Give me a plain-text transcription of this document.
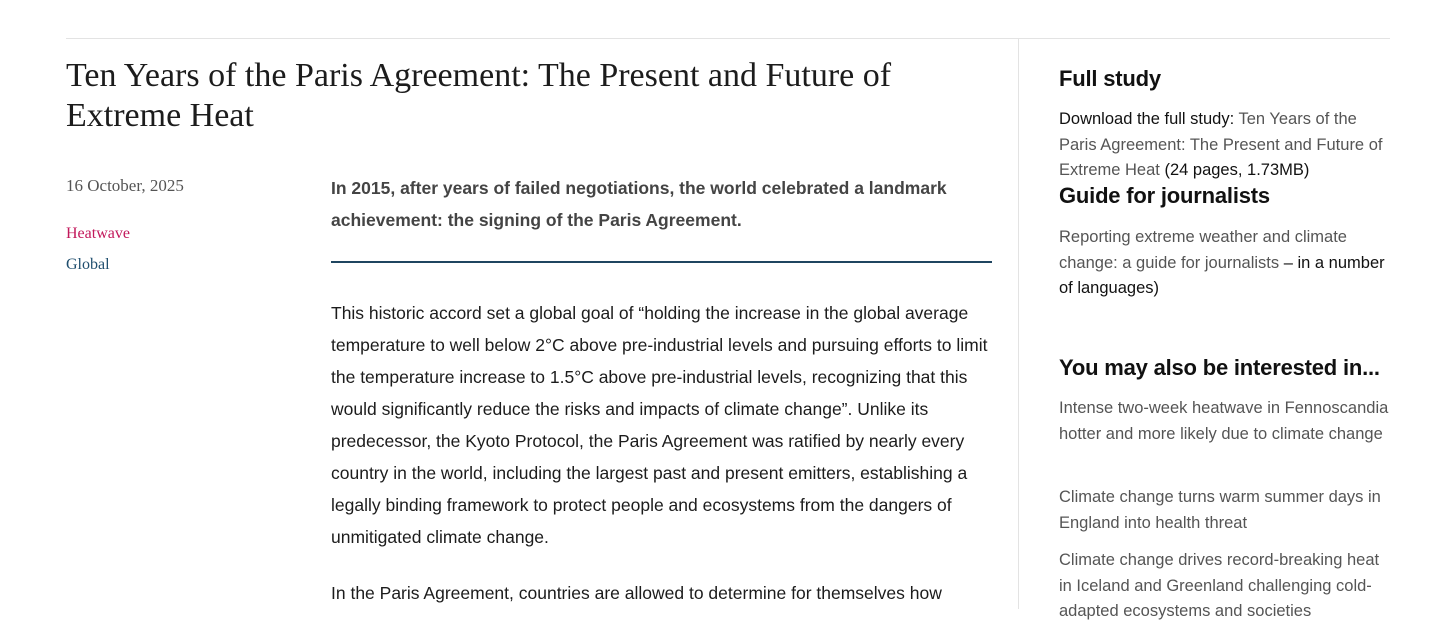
Ten Years of the Paris Agreement: The Present and Future of Extreme Heat
16 October, 2025
Heatwave
Global

In 2015, after years of failed negotiations, the world celebrated a landmark achievement: the signing of the Paris Agreement.

This historic accord set a global goal of “holding the increase in the global average temperature to well below 2°C above pre-industrial levels and pursuing efforts to limit the temperature increase to 1.5°C above pre-industrial levels, recognizing that this would significantly reduce the risks and impacts of climate change”. Unlike its predecessor, the Kyoto Protocol, the Paris Agreement was ratified by nearly every country in the world, including the largest past and present emitters, establishing a legally binding framework to protect people and ecosystems from the dangers of unmitigated climate change.

In the Paris Agreement, countries are allowed to determine for themselves how

Full study

Download the full study: Ten Years of the Paris Agreement: The Present and Future of Extreme Heat (24 pages, 1.73MB)

Guide for journalists

Reporting extreme weather and climate change: a guide for journalists – in a number of languages)

You may also be interested in...
Intense two-week heatwave in Fennoscandia hotter and more likely due to climate change
Climate change turns warm summer days in England into health threat
Climate change drives record-breaking heat in Iceland and Greenland challenging cold-adapted ecosystems and societies
